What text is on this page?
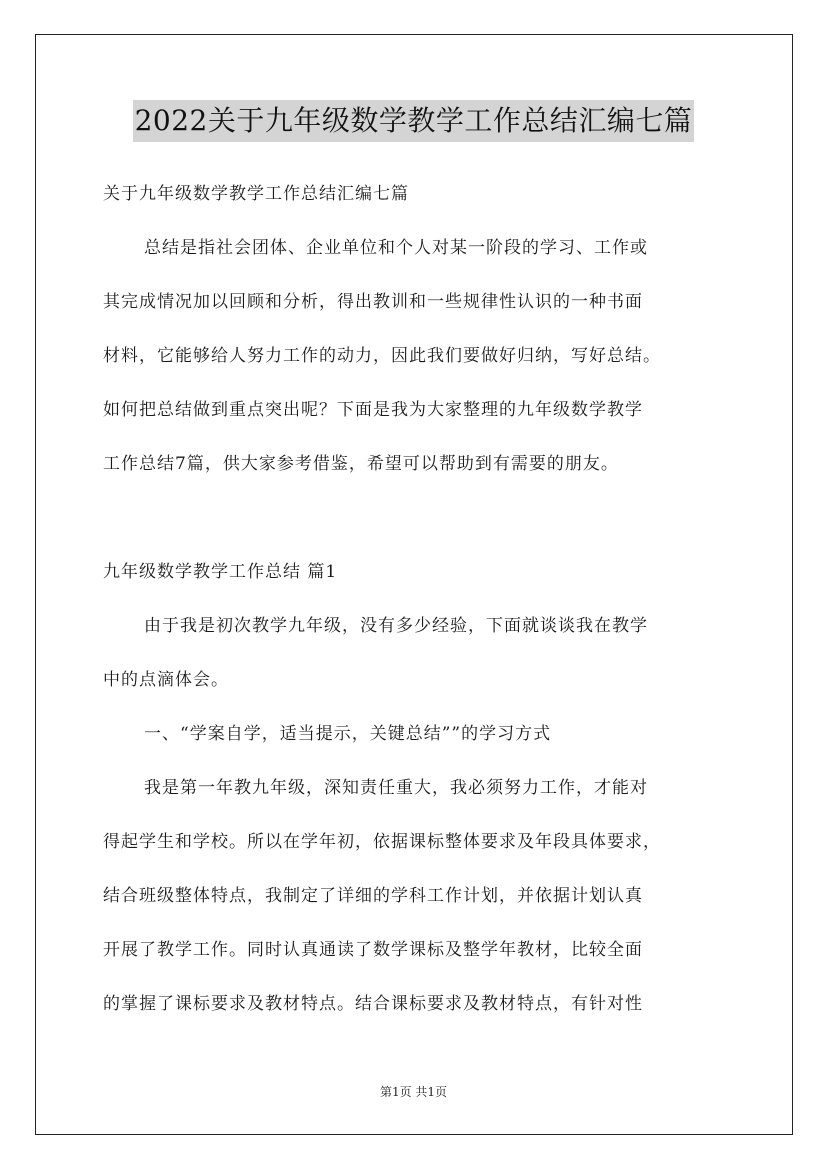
2022关于九年级数学教学工作总结汇编七篇
关于九年级数学教学工作总结汇编七篇
总结是指社会团体、企业单位和个人对某一阶段的学习、工作或
其完成情况加以回顾和分析，得出教训和一些规律性认识的一种书面
材料，它能够给人努力工作的动力，因此我们要做好归纳，写好总结。
如何把总结做到重点突出呢？下面是我为大家整理的九年级数学教学
工作总结7篇，供大家参考借鉴，希望可以帮助到有需要的朋友。
九年级数学教学工作总结 篇1
由于我是初次教学九年级，没有多少经验，下面就谈谈我在教学
中的点滴体会。
一、“学案自学，适当提示，关键总结””的学习方式
我是第一年教九年级，深知责任重大，我必须努力工作，才能对
得起学生和学校。所以在学年初，依据课标整体要求及年段具体要求，
结合班级整体特点，我制定了详细的学科工作计划，并依据计划认真
开展了教学工作。同时认真通读了数学课标及整学年教材，比较全面
的掌握了课标要求及教材特点。结合课标要求及教材特点，有针对性
第1页 共1页
